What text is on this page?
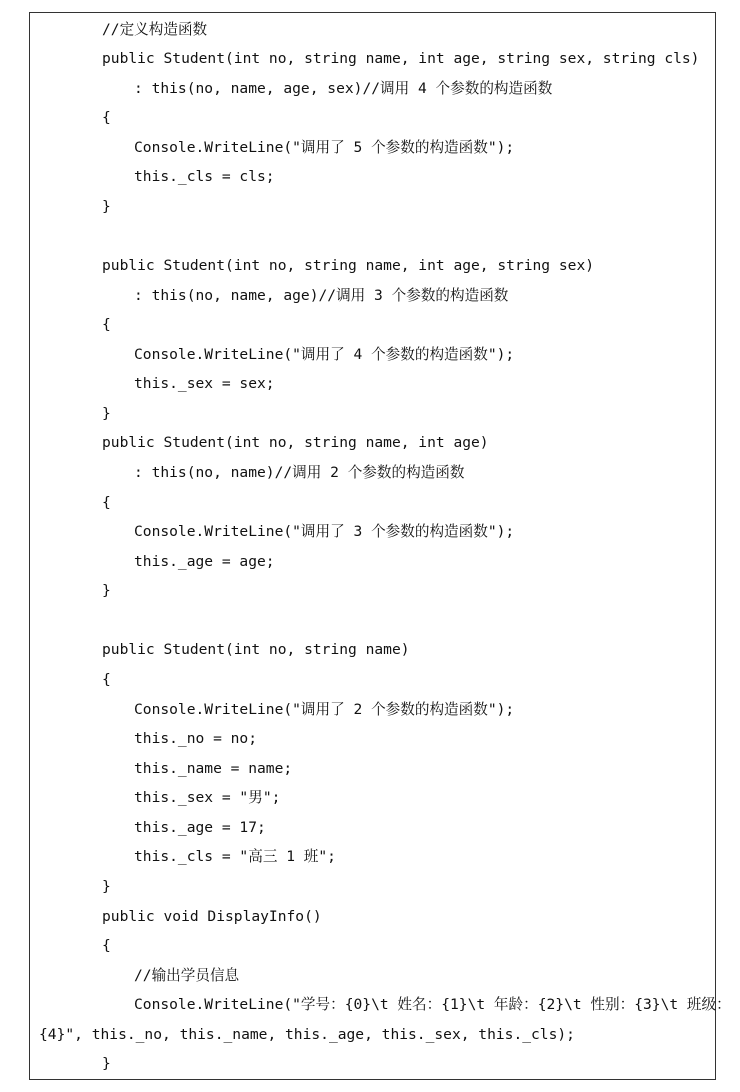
//定义构造函数
public Student(int no, string name, int age, string sex, string cls)
: this(no, name, age, sex)//调用 4 个参数的构造函数
{
Console.WriteLine("调用了 5 个参数的构造函数");
this._cls = cls;
}
public Student(int no, string name, int age, string sex)
: this(no, name, age)//调用 3 个参数的构造函数
{
Console.WriteLine("调用了 4 个参数的构造函数");
this._sex = sex;
}
public Student(int no, string name, int age)
: this(no, name)//调用 2 个参数的构造函数
{
Console.WriteLine("调用了 3 个参数的构造函数");
this._age = age;
}
public Student(int no, string name)
{
Console.WriteLine("调用了 2 个参数的构造函数");
this._no = no;
this._name = name;
this._sex = "男";
this._age = 17;
this._cls = "高三 1 班";
}
public void DisplayInfo()
{
//输出学员信息
Console.WriteLine("学号：{0}\t 姓名：{1}\t 年龄：{2}\t 性别：{3}\t 班级：
{4}", this._no, this._name, this._age, this._sex, this._cls);
}
